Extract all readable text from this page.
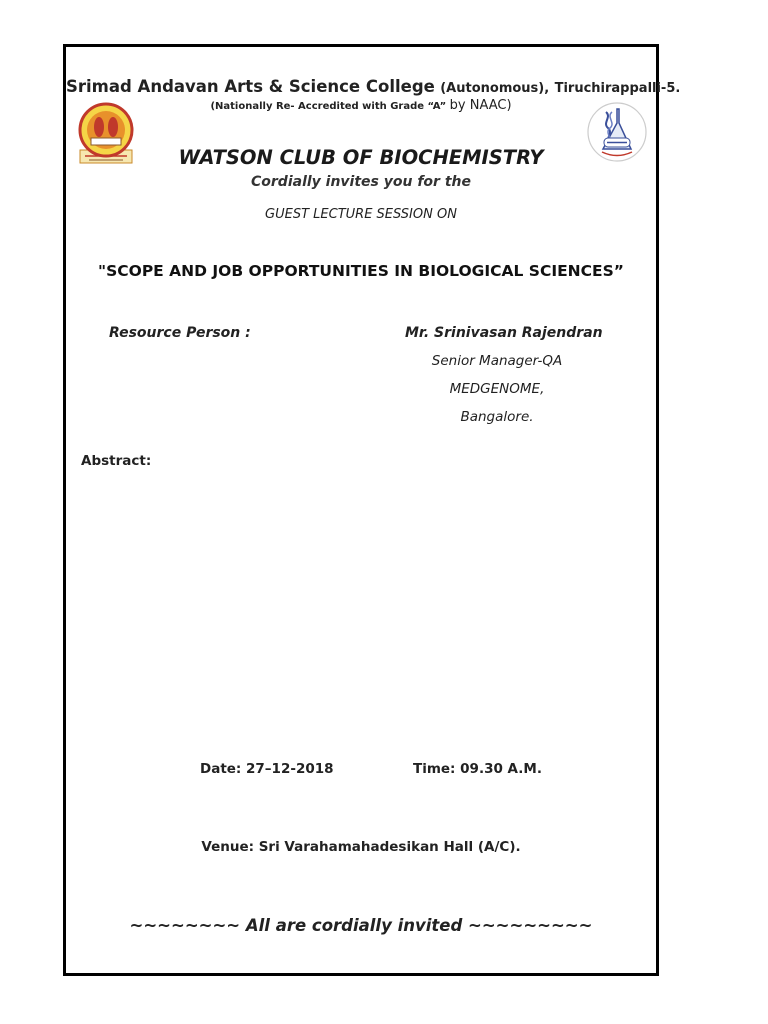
Srimad Andavan Arts & Science College (Autonomous), Tiruchirappalli-5.
(Nationally Re- Accredited with Grade “A” by NAAC)
WATSON CLUB OF BIOCHEMISTRY
Cordially invites you for the
GUEST LECTURE SESSION ON
"SCOPE AND JOB OPPORTUNITIES IN BIOLOGICAL SCIENCES”
Resource Person :	Mr. Srinivasan Rajendran
Senior Manager-QA
MEDGENOME,
Bangalore.
Abstract:
Date: 27–12-2018	Time: 09.30 A.M.
Venue: Sri Varahamahadesikan Hall (A/C).
~~~~~~~~ All are cordially invited ~~~~~~~~~
